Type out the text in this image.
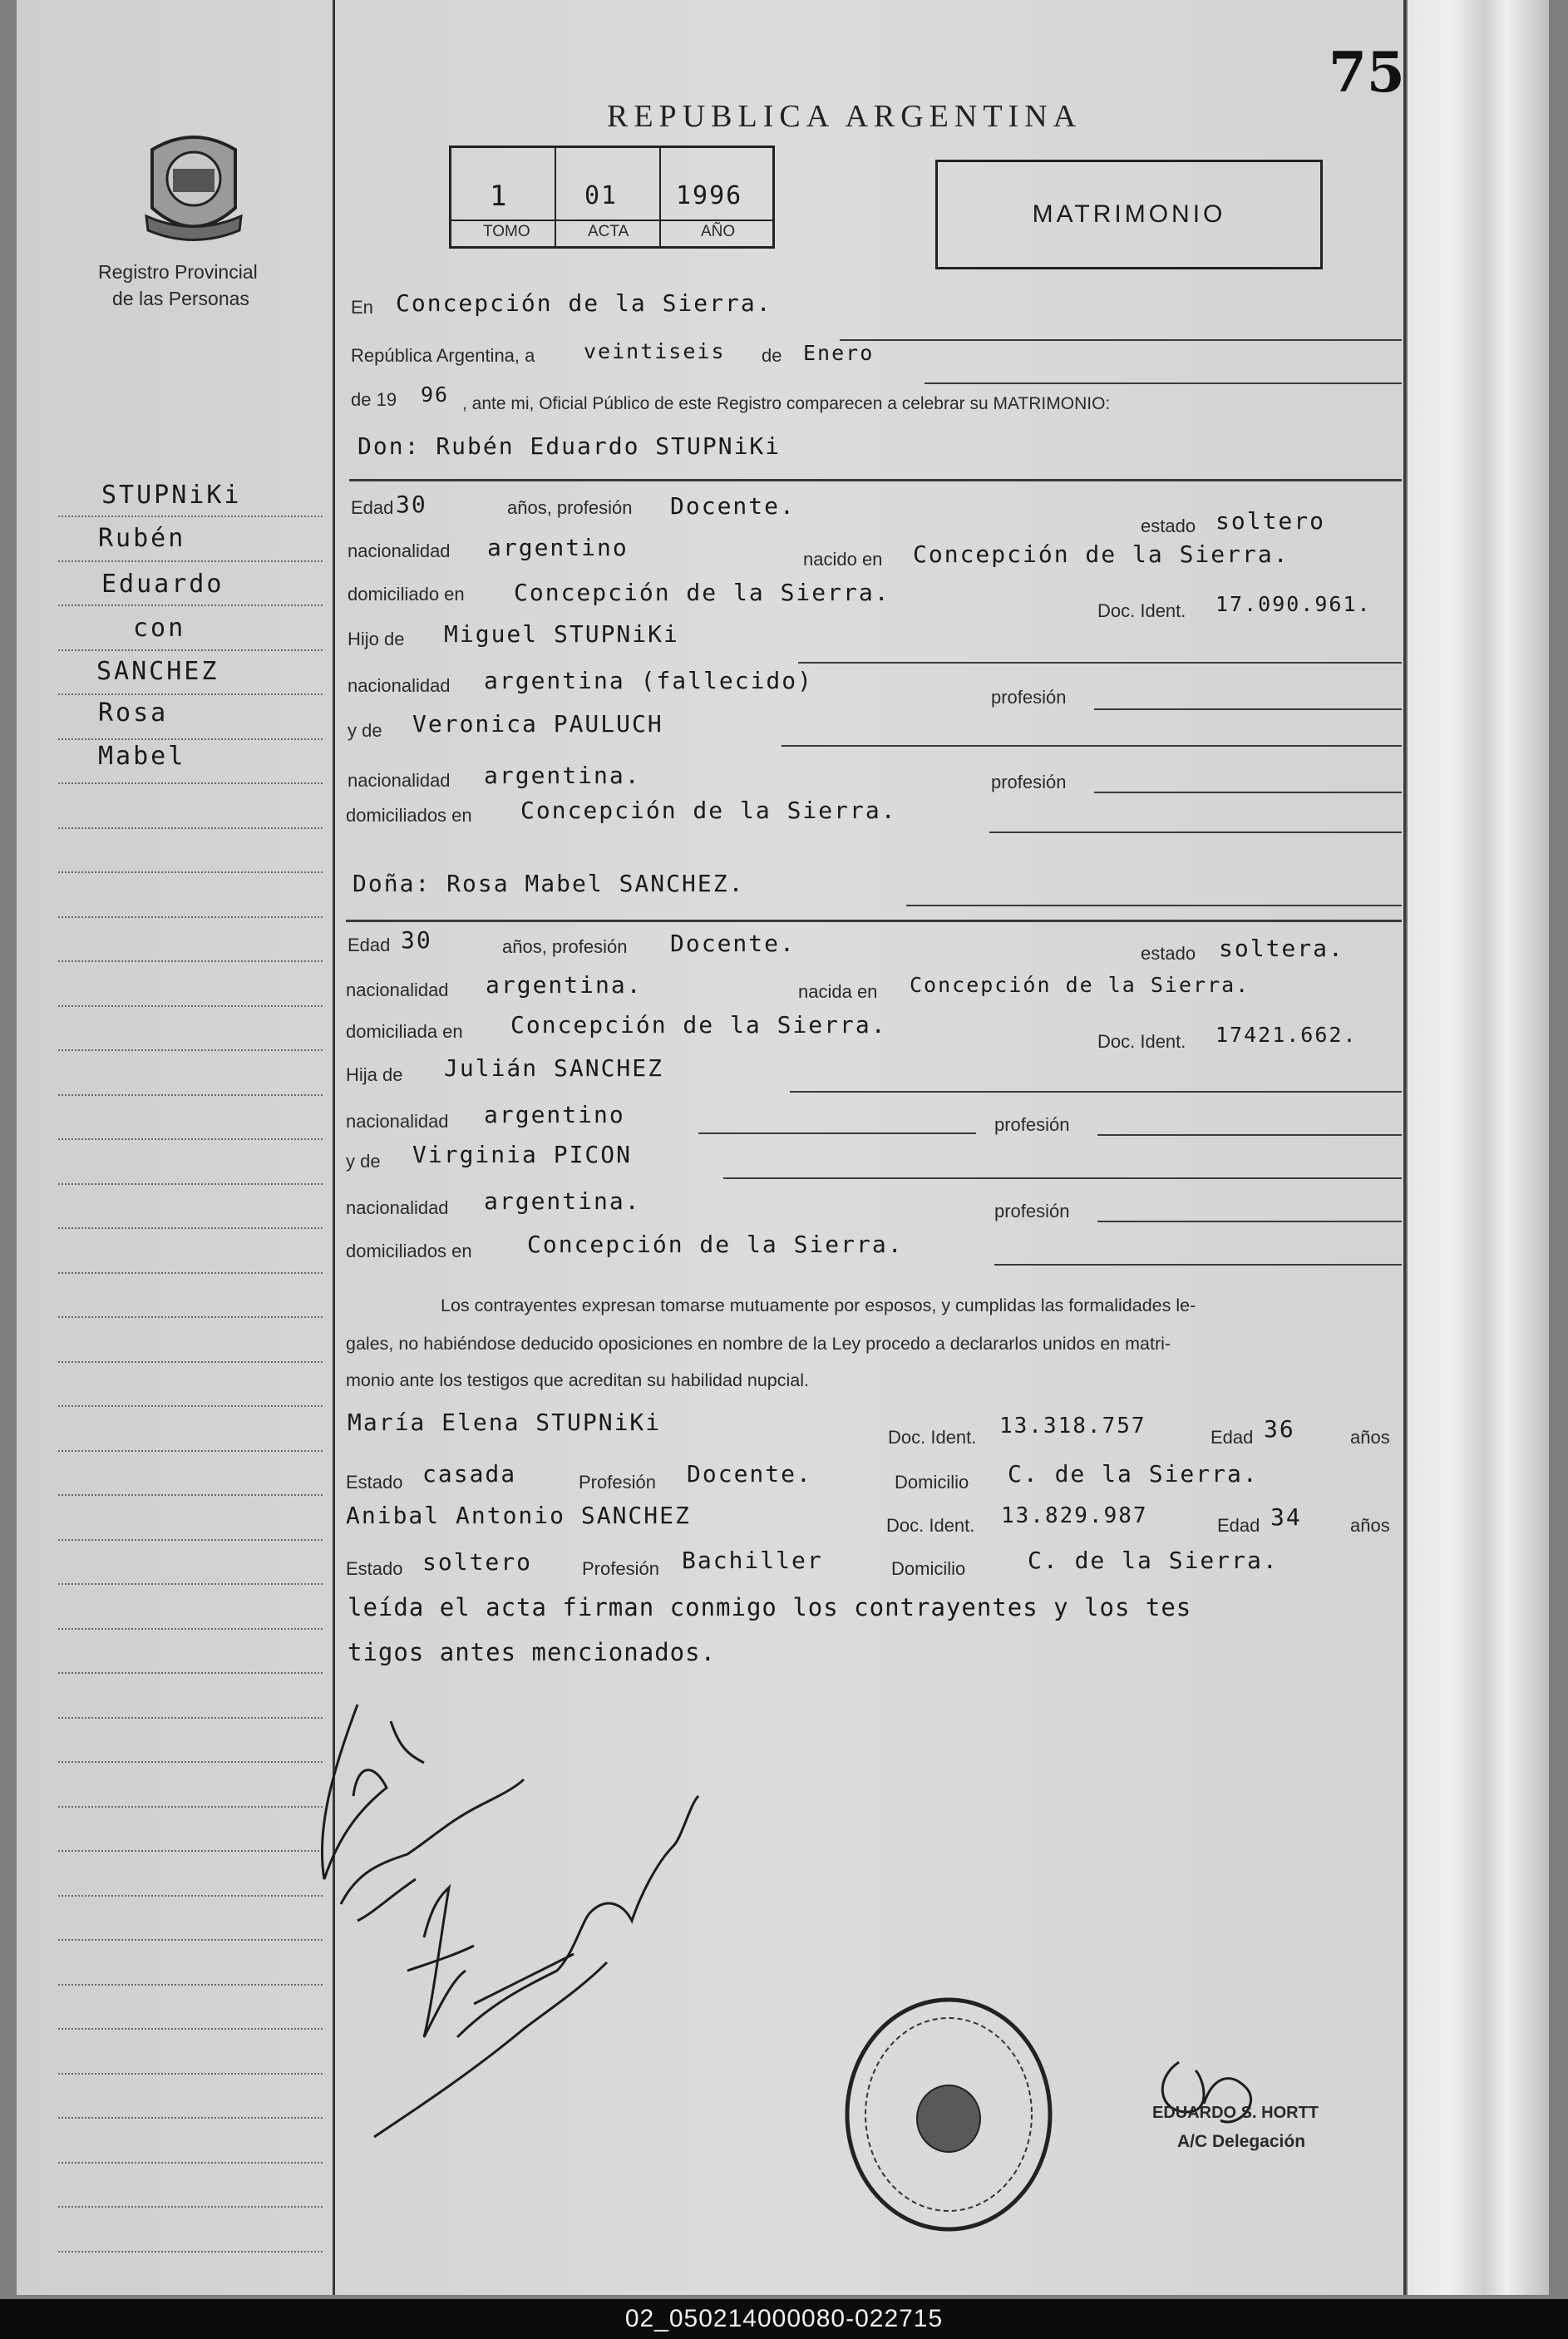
75
Registro Provincial
de las Personas
REPUBLICA ARGENTINA
1	01 1996
TOMO	ACTA	AÑO
MATRIMONIO
STUPNiKi
Rubén
Eduardo
con
SANCHEZ
Rosa
Mabel
En Concepción de la Sierra.
República Argentina, a veintiseis de Enero
de 19 96 , ante mi, Oficial Público de este Registro comparecen a celebrar su MATRIMONIO:
Don: Rubén Eduardo STUPNiKi
Edad 30	años, profesión Docente.
estado soltero
nacionalidad argentino	nacido en Concepción de la Sierra.
domiciliado en Concepción de la Sierra.
Doc. Ident. 17.090.961.
Hijo de Miguel STUPNiKi
nacionalidad argentina (fallecido)
profesión
y de Veronica PAULUCH
nacionalidad argentina.	profesión
domiciliados en Concepción de la Sierra.
Doña: Rosa Mabel SANCHEZ.
Edad 30	años, profesión Docente.	estado soltera.
nacionalidad argentina.	nacida en Concepción de la Sierra.
domiciliada en Concepción de la Sierra.
Doc. Ident. 17421.662.
Hija de Julián SANCHEZ
nacionalidad argentino	profesión
y de Virginia PICON
nacionalidad argentina.	profesión
domiciliados en Concepción de la Sierra.
Los contrayentes expresan tomarse mutuamente por esposos, y cumplidas las formalidades le-
gales, no habiéndose deducido oposiciones en nombre de la Ley procedo a declararlos unidos en matri-
monio ante los testigos que acreditan su habilidad nupcial.
María Elena STUPNiKi
Doc. Ident. 13.318.757	Edad 36	años
Estado casada	Profesión Docente.	Domicilio C. de la Sierra.
Anibal Antonio SANCHEZ	Doc. Ident. 13.829.987	Edad 34	años
Estado soltero	Profesión Bachiller	Domicilio	C. de la Sierra.
leída el acta firman conmigo los contrayentes y los tes
tigos antes mencionados.
EDUARDO S. HORTT
A/C Delegación
02_050214000080-022715
